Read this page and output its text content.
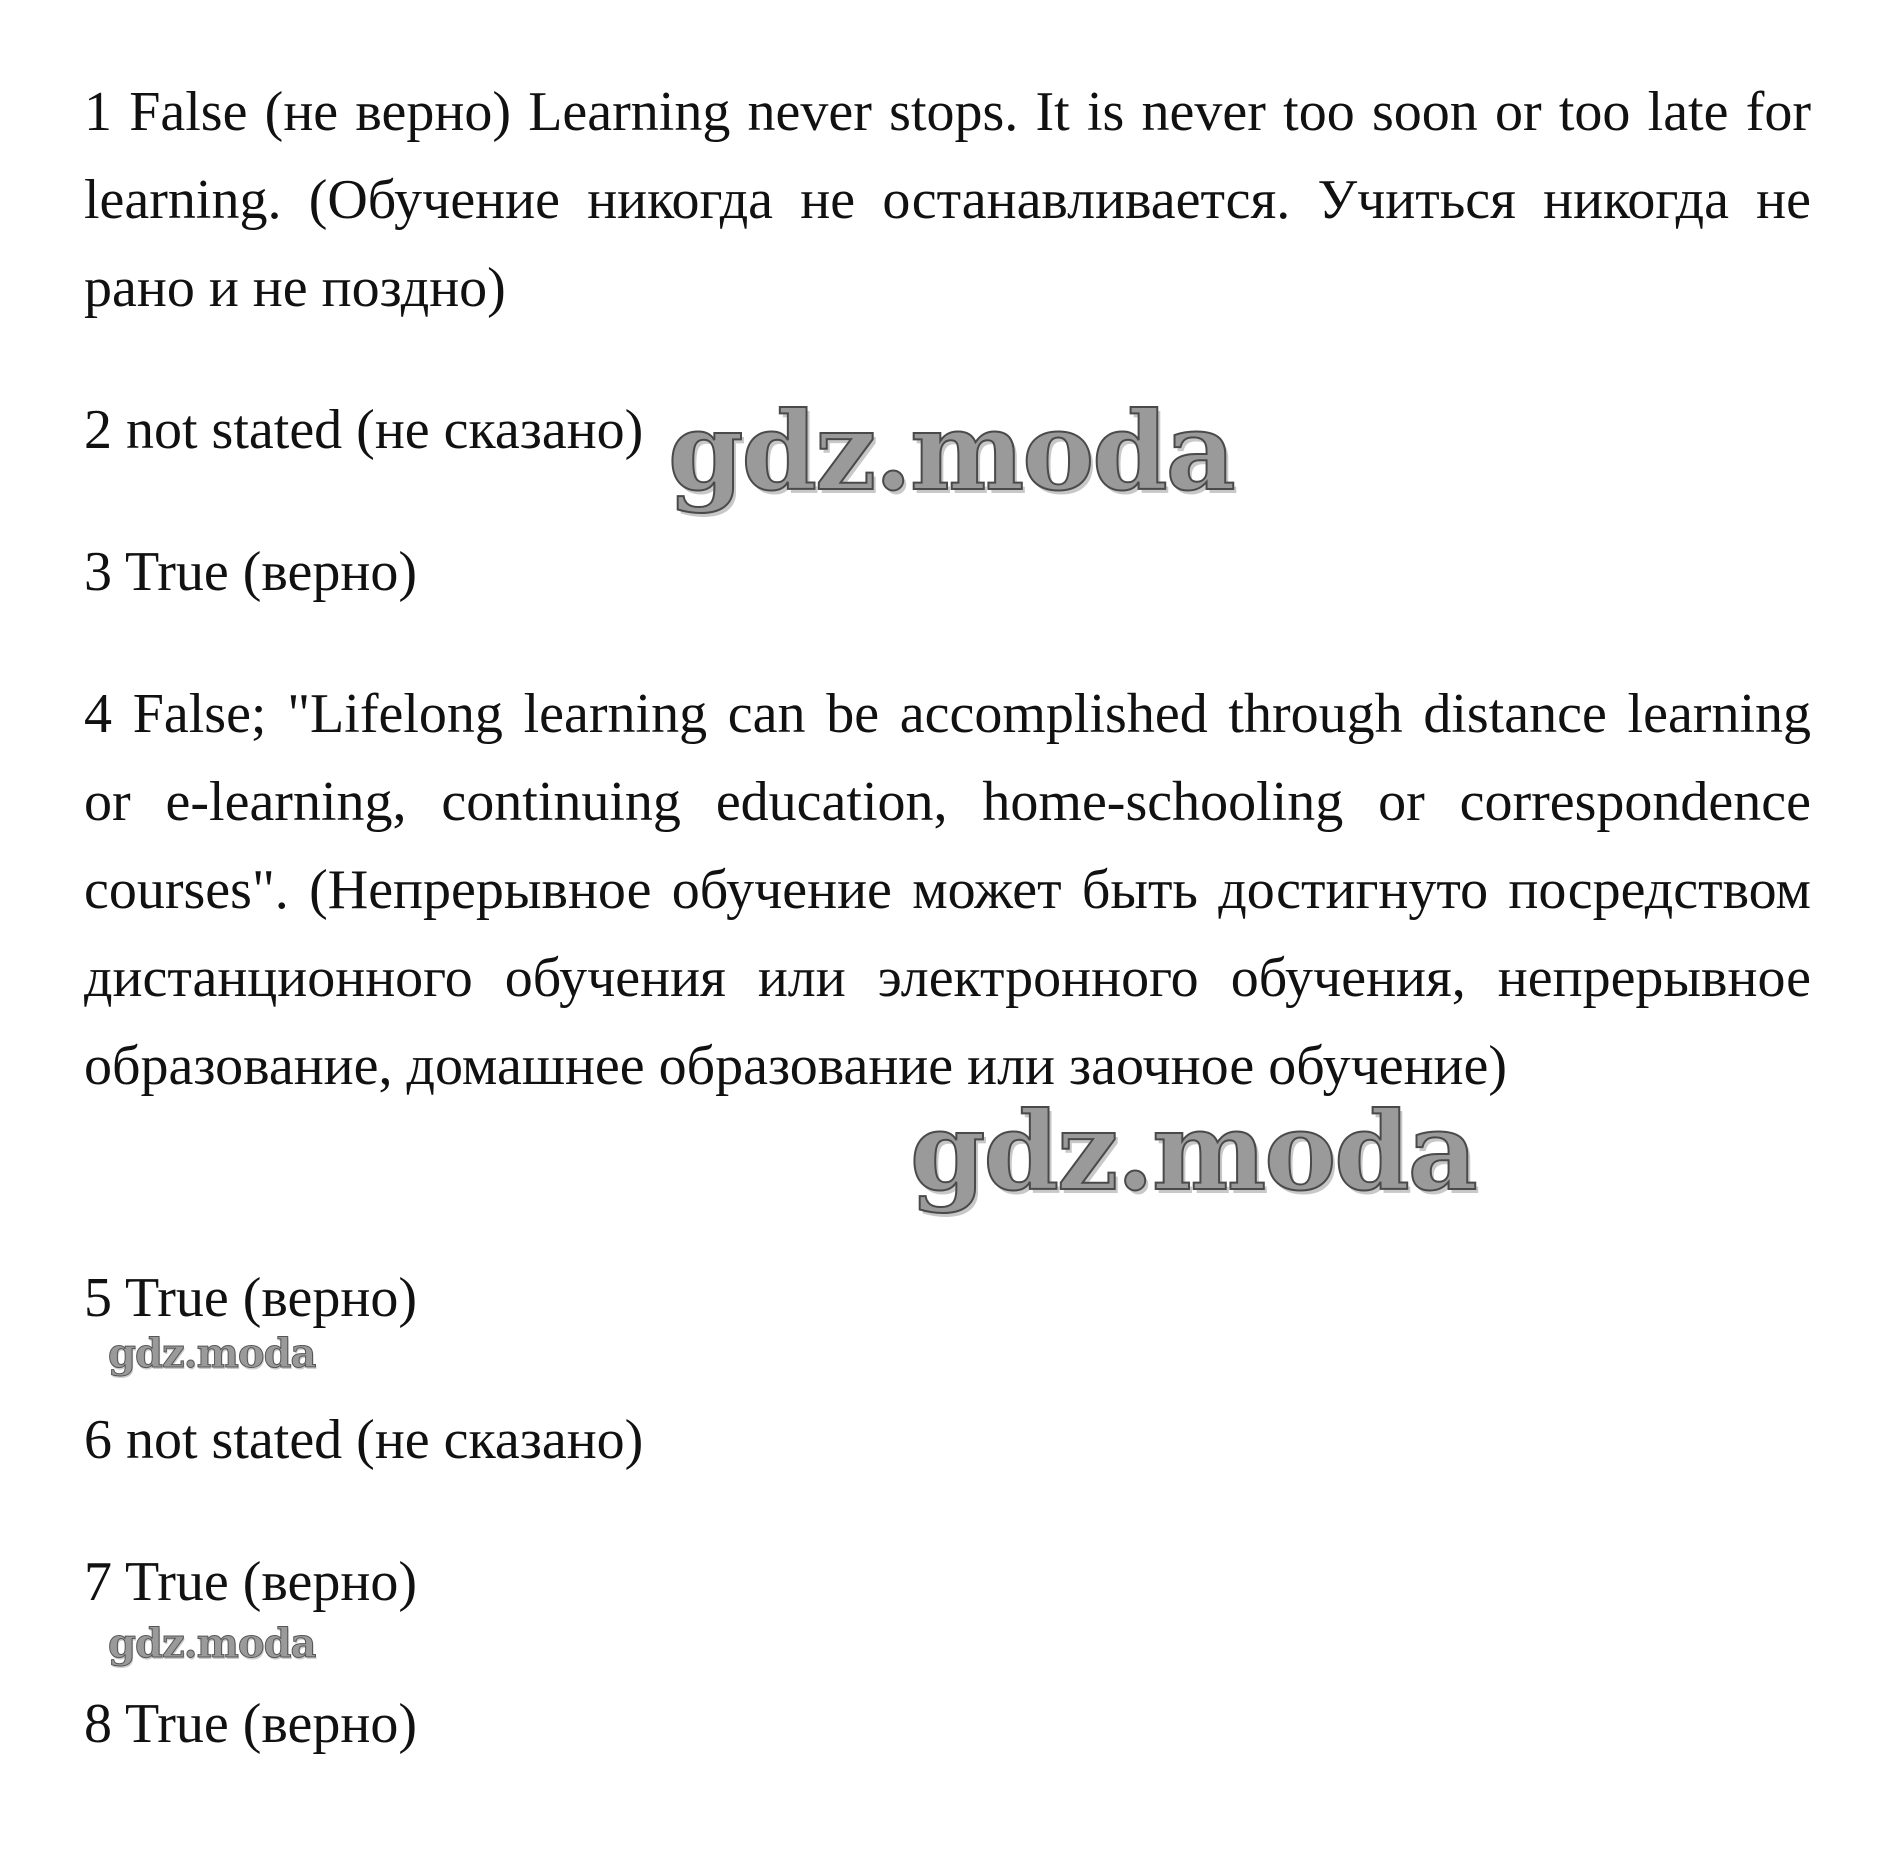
1 False (не верно) Learning never stops. It is never too soon or too late for learning. (Обучение никогда не останавливается. Учиться никогда не рано и не поздно)

2 not stated (не сказано)

3 True (верно)

4 False; "Lifelong learning can be accomplished through distance learning or e-learning, continuing education, home-schooling or correspondence courses". (Непрерывное обучение может быть достигнуто посредством дистанционного обучения или электронного обучения, непрерывное образование, домашнее образование или заочное обучение)

5 True (верно)

6 not stated (не сказано)

7 True (верно)

8 True (верно)

gdz.moda
gdz.moda
gdz.moda
gdz.moda
